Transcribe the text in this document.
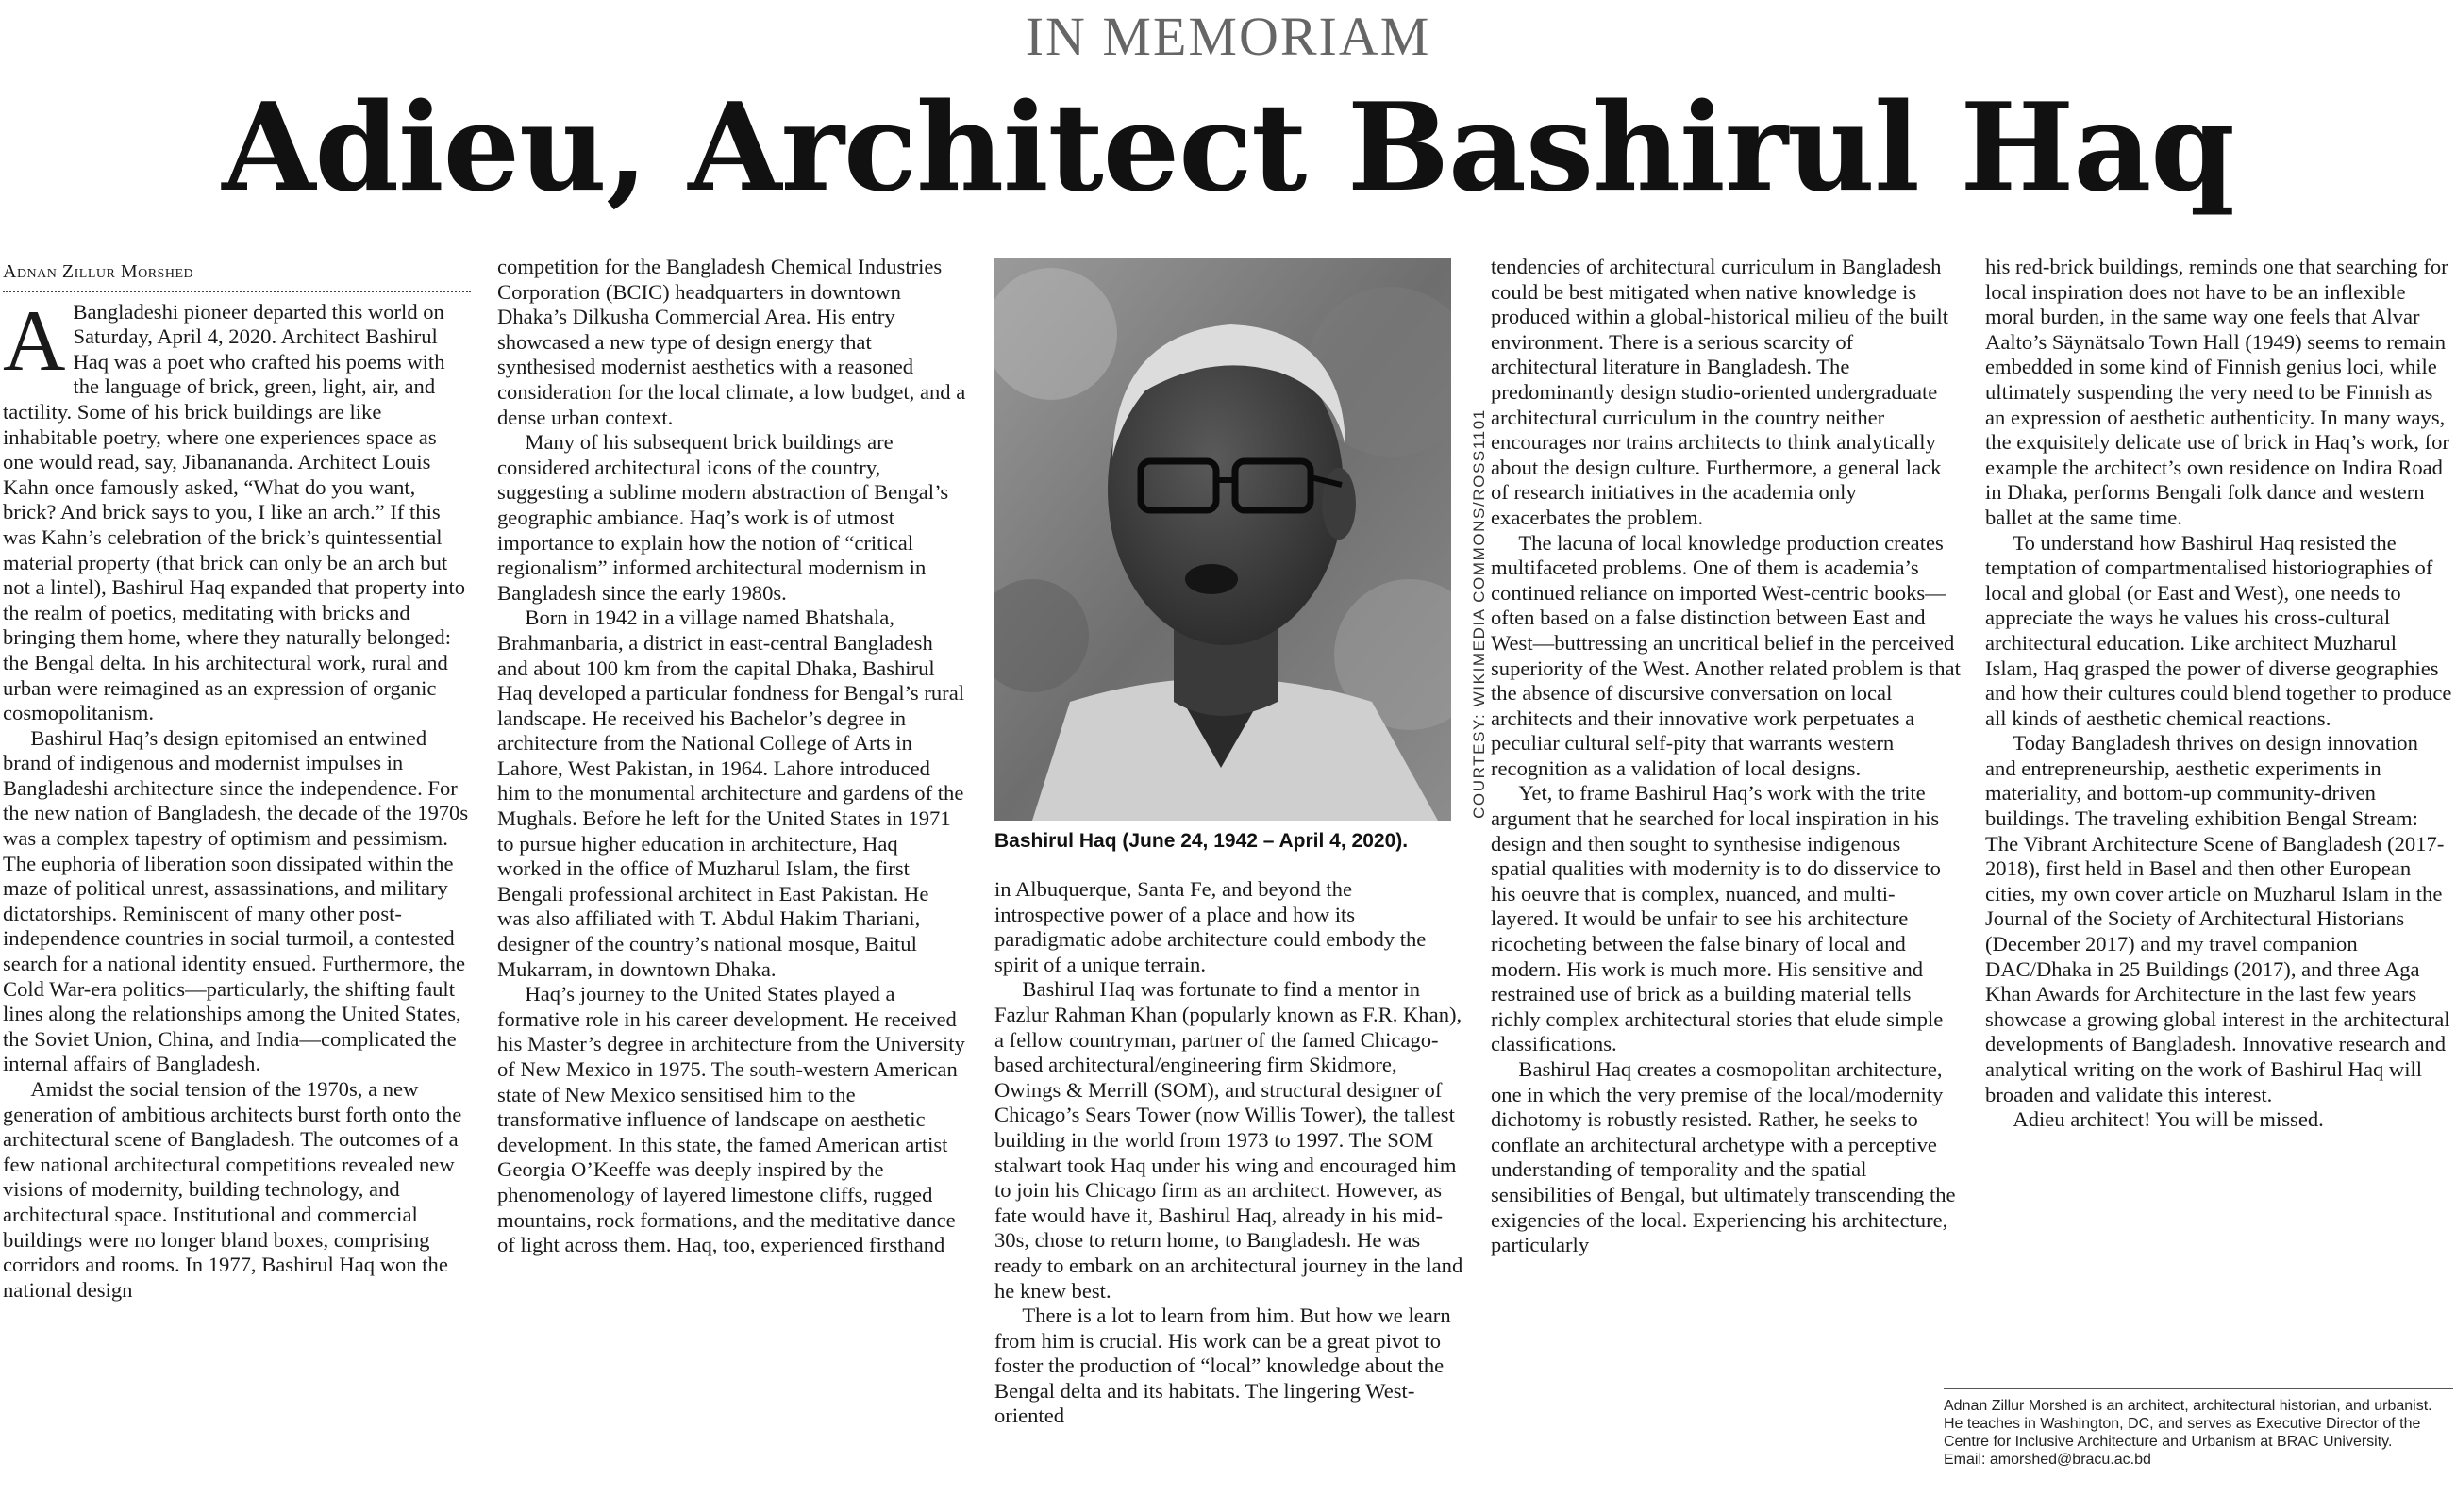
IN MEMORIAM
Adieu, Architect Bashirul Haq
Adnan Zillur Morshed

A Bangladeshi pioneer departed this world on Saturday, April 4, 2020. Architect Bashirul Haq was a poet who crafted his poems with the language of brick, green, light, air, and tactility. Some of his brick buildings are like inhabitable poetry, where one experiences space as one would read, say, Jibanananda. Architect Louis Kahn once famously asked, “What do you want, brick? And brick says to you, I like an arch.” If this was Kahn’s celebration of the brick’s quintessential material property (that brick can only be an arch but not a lintel), Bashirul Haq expanded that property into the realm of poetics, meditating with bricks and bringing them home, where they naturally belonged: the Bengal delta. In his architectural work, rural and urban were reimagined as an expression of organic cosmopolitanism.

Bashirul Haq’s design epitomised an entwined brand of indigenous and modernist impulses in Bangladeshi architecture since the independence. For the new nation of Bangladesh, the decade of the 1970s was a complex tapestry of optimism and pessimism. The euphoria of liberation soon dissipated within the maze of political unrest, assassinations, and military dictatorships. Reminiscent of many other post-independence countries in social turmoil, a contested search for a national identity ensued. Furthermore, the Cold War-era politics—particularly, the shifting fault lines along the relationships among the United States, the Soviet Union, China, and India—complicated the internal affairs of Bangladesh.

Amidst the social tension of the 1970s, a new generation of ambitious architects burst forth onto the architectural scene of Bangladesh. The outcomes of a few national architectural competitions revealed new visions of modernity, building technology, and architectural space. Institutional and commercial buildings were no longer bland boxes, comprising corridors and rooms. In 1977, Bashirul Haq won the national design

competition for the Bangladesh Chemical Industries Corporation (BCIC) headquarters in downtown Dhaka’s Dilkusha Commercial Area. His entry showcased a new type of design energy that synthesised modernist aesthetics with a reasoned consideration for the local climate, a low budget, and a dense urban context.

Many of his subsequent brick buildings are considered architectural icons of the country, suggesting a sublime modern abstraction of Bengal’s geographic ambiance. Haq’s work is of utmost importance to explain how the notion of “critical regionalism” informed architectural modernism in Bangladesh since the early 1980s.

Born in 1942 in a village named Bhatshala, Brahmanbaria, a district in east-central Bangladesh and about 100 km from the capital Dhaka, Bashirul Haq developed a particular fondness for Bengal’s rural landscape. He received his Bachelor’s degree in architecture from the National College of Arts in Lahore, West Pakistan, in 1964. Lahore introduced him to the monumental architecture and gardens of the Mughals. Before he left for the United States in 1971 to pursue higher education in architecture, Haq worked in the office of Muzharul Islam, the first Bengali professional architect in East Pakistan. He was also affiliated with T. Abdul Hakim Thariani, designer of the country’s national mosque, Baitul Mukarram, in downtown Dhaka.

Haq’s journey to the United States played a formative role in his career development. He received his Master’s degree in architecture from the University of New Mexico in 1975. The south-western American state of New Mexico sensitised him to the transformative influence of landscape on aesthetic development. In this state, the famed American artist Georgia O’Keeffe was deeply inspired by the phenomenology of layered limestone cliffs, rugged mountains, rock formations, and the meditative dance of light across them. Haq, too, experienced firsthand

COURTESY: WIKIMEDIA COMMONS/ROSS1101
Bashirul Haq (June 24, 1942 – April 4, 2020).

in Albuquerque, Santa Fe, and beyond the introspective power of a place and how its paradigmatic adobe architecture could embody the spirit of a unique terrain.

Bashirul Haq was fortunate to find a mentor in Fazlur Rahman Khan (popularly known as F.R. Khan), a fellow countryman, partner of the famed Chicago-based architectural/engineering firm Skidmore, Owings & Merrill (SOM), and structural designer of Chicago’s Sears Tower (now Willis Tower), the tallest building in the world from 1973 to 1997. The SOM stalwart took Haq under his wing and encouraged him to join his Chicago firm as an architect. However, as fate would have it, Bashirul Haq, already in his mid-30s, chose to return home, to Bangladesh. He was ready to embark on an architectural journey in the land he knew best.

There is a lot to learn from him. But how we learn from him is crucial. His work can be a great pivot to foster the production of “local” knowledge about the Bengal delta and its habitats. The lingering West-oriented

tendencies of architectural curriculum in Bangladesh could be best mitigated when native knowledge is produced within a global-historical milieu of the built environment. There is a serious scarcity of architectural literature in Bangladesh. The predominantly design studio-oriented undergraduate architectural curriculum in the country neither encourages nor trains architects to think analytically about the design culture. Furthermore, a general lack of research initiatives in the academia only exacerbates the problem.

The lacuna of local knowledge production creates multifaceted problems. One of them is academia’s continued reliance on imported West-centric books—often based on a false distinction between East and West—buttressing an uncritical belief in the perceived superiority of the West. Another related problem is that the absence of discursive conversation on local architects and their innovative work perpetuates a peculiar cultural self-pity that warrants western recognition as a validation of local designs.

Yet, to frame Bashirul Haq’s work with the trite argument that he searched for local inspiration in his design and then sought to synthesise indigenous spatial qualities with modernity is to do disservice to his oeuvre that is complex, nuanced, and multi-layered. It would be unfair to see his architecture ricocheting between the false binary of local and modern. His work is much more. His sensitive and restrained use of brick as a building material tells richly complex architectural stories that elude simple classifications.

Bashirul Haq creates a cosmopolitan architecture, one in which the very premise of the local/modernity dichotomy is robustly resisted. Rather, he seeks to conflate an architectural archetype with a perceptive understanding of temporality and the spatial sensibilities of Bengal, but ultimately transcending the exigencies of the local. Experiencing his architecture, particularly

his red-brick buildings, reminds one that searching for local inspiration does not have to be an inflexible moral burden, in the same way one feels that Alvar Aalto’s Säynätsalo Town Hall (1949) seems to remain embedded in some kind of Finnish genius loci, while ultimately suspending the very need to be Finnish as an expression of aesthetic authenticity. In many ways, the exquisitely delicate use of brick in Haq’s work, for example the architect’s own residence on Indira Road in Dhaka, performs Bengali folk dance and western ballet at the same time.

To understand how Bashirul Haq resisted the temptation of compartmentalised historiographies of local and global (or East and West), one needs to appreciate the ways he values his cross-cultural architectural education. Like architect Muzharul Islam, Haq grasped the power of diverse geographies and how their cultures could blend together to produce all kinds of aesthetic chemical reactions.

Today Bangladesh thrives on design innovation and entrepreneurship, aesthetic experiments in materiality, and bottom-up community-driven buildings. The traveling exhibition Bengal Stream: The Vibrant Architecture Scene of Bangladesh (2017-2018), first held in Basel and then other European cities, my own cover article on Muzharul Islam in the Journal of the Society of Architectural Historians (December 2017) and my travel companion DAC/Dhaka in 25 Buildings (2017), and three Aga Khan Awards for Architecture in the last few years showcase a growing global interest in the architectural developments of Bangladesh. Innovative research and analytical writing on the work of Bashirul Haq will broaden and validate this interest.

Adieu architect! You will be missed.

Adnan Zillur Morshed is an architect, architectural historian, and urbanist. He teaches in Washington, DC, and serves as Executive Director of the Centre for Inclusive Architecture and Urbanism at BRAC University.
Email: amorshed@bracu.ac.bd
